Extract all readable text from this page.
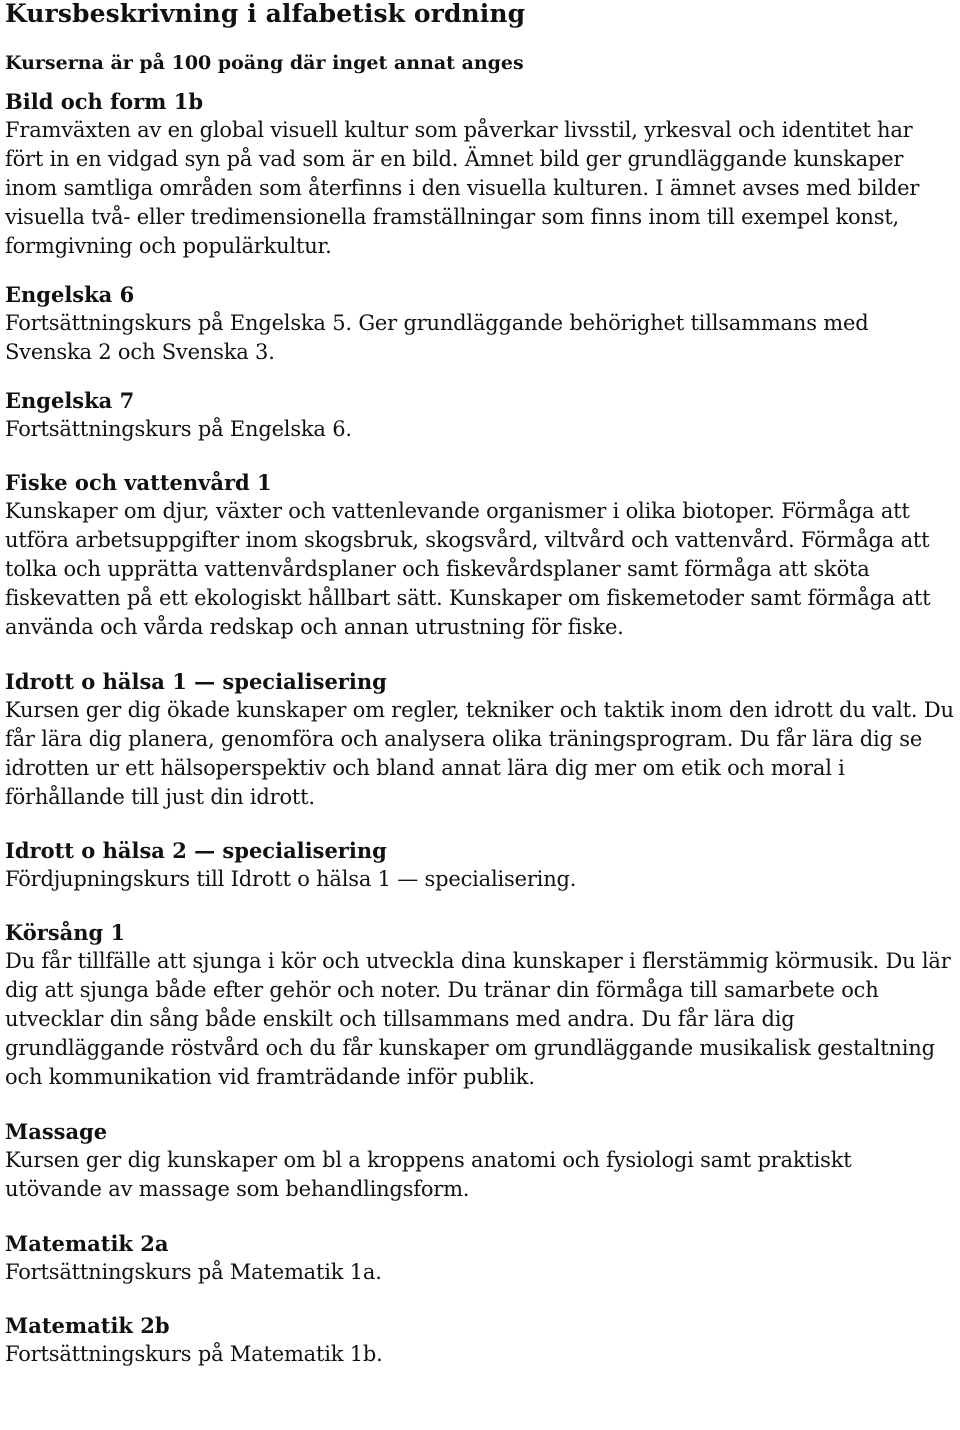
Kursbeskrivning i alfabetisk ordning
Kurserna är på 100 poäng där inget annat anges
Bild och form 1b

Framväxten av en global visuell kultur som påverkar livsstil, yrkesval och identitet har fört in en vidgad syn på vad som är en bild. Ämnet bild ger grundläggande kunskaper inom samtliga områden som återfinns i den visuella kulturen. I ämnet avses med bilder visuella två- eller tredimensionella framställningar som finns inom till exempel konst, formgivning och populärkultur.

Engelska 6

Fortsättningskurs på Engelska 5. Ger grundläggande behörighet tillsammans med Svenska 2 och Svenska 3.

Engelska 7

Fortsättningskurs på Engelska 6.

Fiske och vattenvård 1

Kunskaper om djur, växter och vattenlevande organismer i olika biotoper. Förmåga att utföra arbetsuppgifter inom skogsbruk, skogsvård, viltvård och vattenvård. Förmåga att tolka och upprätta vattenvårdsplaner och fiskevårdsplaner samt förmåga att sköta fiskevatten på ett ekologiskt hållbart sätt. Kunskaper om fiskemetoder samt förmåga att använda och vårda redskap och annan utrustning för fiske.

Idrott o hälsa 1 — specialisering

Kursen ger dig ökade kunskaper om regler, tekniker och taktik inom den idrott du valt. Du får lära dig planera, genomföra och analysera olika träningsprogram. Du får lära dig se idrotten ur ett hälsoperspektiv och bland annat lära dig mer om etik och moral i förhållande till just din idrott.

Idrott o hälsa 2 — specialisering

Fördjupningskurs till Idrott o hälsa 1 — specialisering.

Körsång 1

Du får tillfälle att sjunga i kör och utveckla dina kunskaper i flerstämmig körmusik. Du lär dig att sjunga både efter gehör och noter. Du tränar din förmåga till samarbete och utvecklar din sång både enskilt och tillsammans med andra. Du får lära dig grundläggande röstvård och du får kunskaper om grundläggande musikalisk gestaltning och kommunikation vid framträdande inför publik.

Massage

Kursen ger dig kunskaper om bl a kroppens anatomi och fysiologi samt praktiskt utövande av massage som behandlingsform.

Matematik 2a

Fortsättningskurs på Matematik 1a.

Matematik 2b

Fortsättningskurs på Matematik 1b.
